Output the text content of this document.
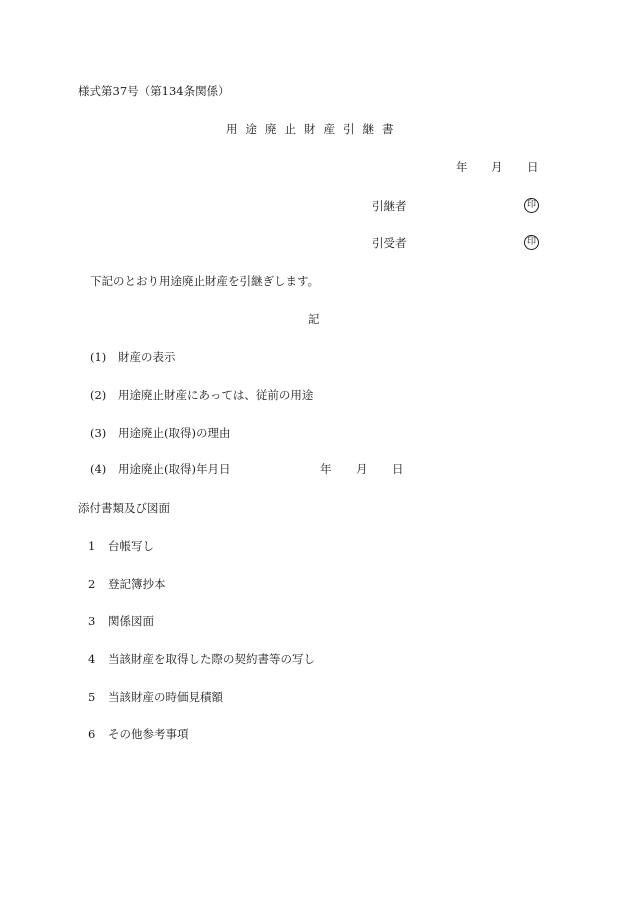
様式第37号（第134条関係）
用途廃止財産引継書
年 月 日
引継者	印
引受者	印
下記のとおり用途廃止財産を引継ぎします。
記
(1) 財産の表示
(2) 用途廃止財産にあっては、従前の用途
(3) 用途廃止(取得)の理由
(4) 用途廃止(取得)年月日	年 月 日
添付書類及び図面
1 台帳写し
2 登記簿抄本
3 関係図面
4 当該財産を取得した際の契約書等の写し
5 当該財産の時価見積額
6 その他参考事項
